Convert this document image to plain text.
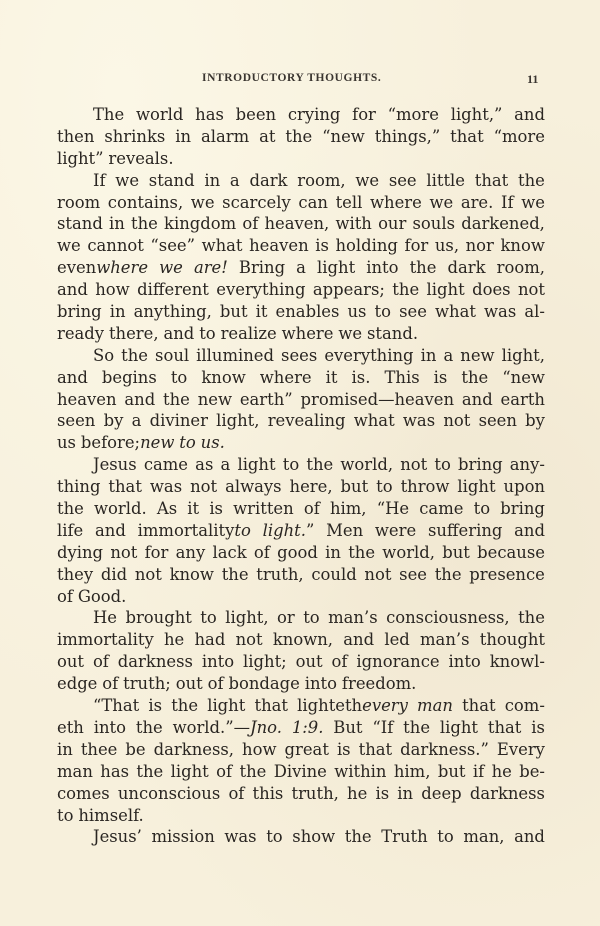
INTRODUCTORY THOUGHTS.	11
The world has been crying for “more light,” and
then shrinks in alarm at the “new things,” that “more
light” reveals.
If we stand in a dark room, we see little that the
room contains, we scarcely can tell where we are. If we
stand in the kingdom of heaven, with our souls darkened,
we cannot “see” what heaven is holding for us, nor know
evenwhere we are! Bring a light into the dark room,
and how different everything appears; the light does not
bring in anything, but it enables us to see what was al-
ready there, and to realize where we stand.
So the soul illumined sees everything in a new light,
and begins to know where it is. This is the “new
heaven and the new earth” promised—heaven and earth
seen by a diviner light, revealing what was not seen by
us before;new to us.
Jesus came as a light to the world, not to bring any-
thing that was not always here, but to throw light upon
the world. As it is written of him, “He came to bring
life and immortalityto light.” Men were suffering and
dying not for any lack of good in the world, but because
they did not know the truth, could not see the presence
of Good.
He brought to light, or to man’s consciousness, the
immortality he had not known, and led man’s thought
out of darkness into light; out of ignorance into knowl-
edge of truth; out of bondage into freedom.
“That is the light that lightethevery man that com-
eth into the world.”—Jno. 1:9. But “If the light that is
in thee be darkness, how great is that darkness.” Every
man has the light of the Divine within him, but if he be-
comes unconscious of this truth, he is in deep darkness
to himself.
Jesus’ mission was to show the Truth to man, and
